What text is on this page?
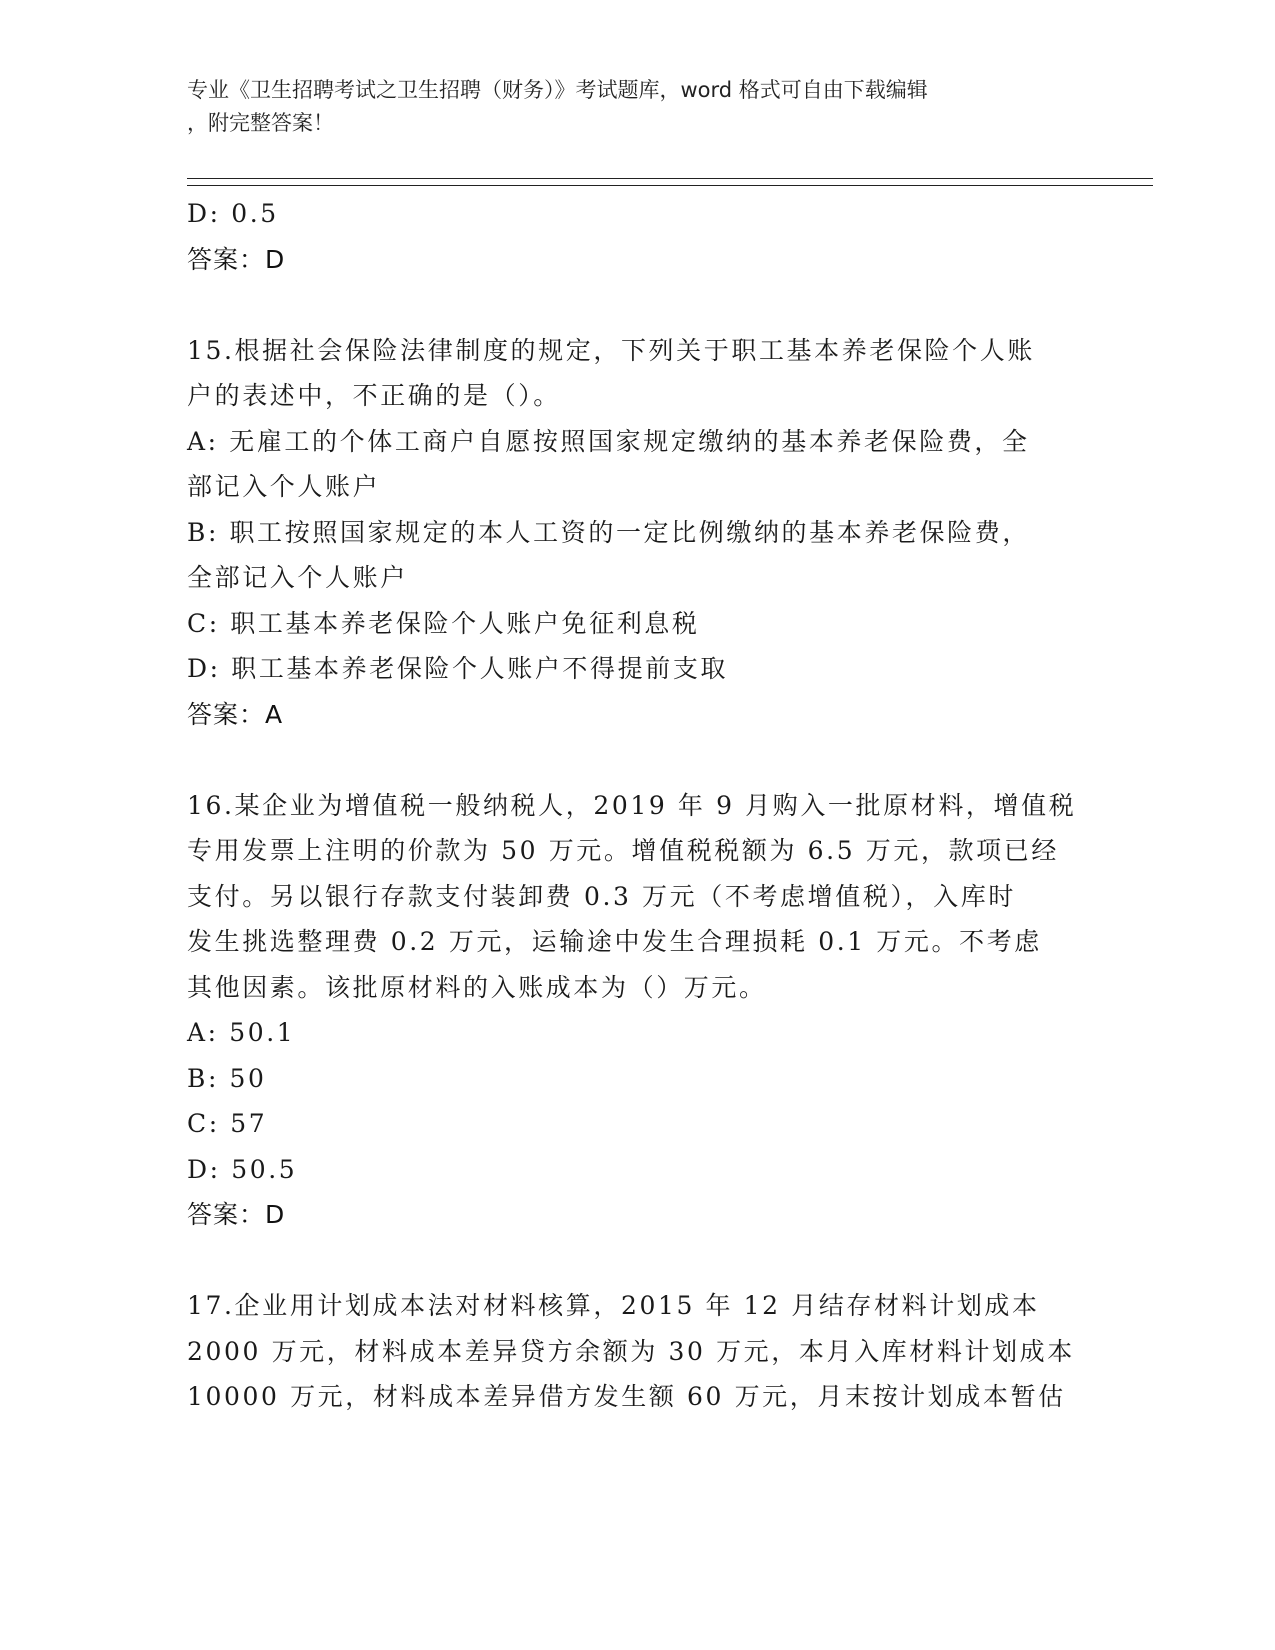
专业《卫生招聘考试之卫生招聘（财务）》考试题库，word 格式可自由下载编辑
，附完整答案！
D: 0.5
答案：D
15.根据社会保险法律制度的规定，下列关于职工基本养老保险个人账
户的表述中，不正确的是（）。
A: 无雇工的个体工商户自愿按照国家规定缴纳的基本养老保险费，全
部记入个人账户
B: 职工按照国家规定的本人工资的一定比例缴纳的基本养老保险费，
全部记入个人账户
C: 职工基本养老保险个人账户免征利息税
D: 职工基本养老保险个人账户不得提前支取
答案：A
16.某企业为增值税一般纳税人，2019 年 9 月购入一批原材料，增值税
专用发票上注明的价款为 50 万元。增值税税额为 6.5 万元，款项已经
支付。另以银行存款支付装卸费 0.3 万元（不考虑增值税），入库时
发生挑选整理费 0.2 万元，运输途中发生合理损耗 0.1 万元。不考虑
其他因素。该批原材料的入账成本为（）万元。
A: 50.1
B: 50
C: 57
D: 50.5
答案：D
17.企业用计划成本法对材料核算，2015 年 12 月结存材料计划成本
2000 万元，材料成本差异贷方余额为 30 万元，本月入库材料计划成本
10000 万元，材料成本差异借方发生额 60 万元，月末按计划成本暂估
